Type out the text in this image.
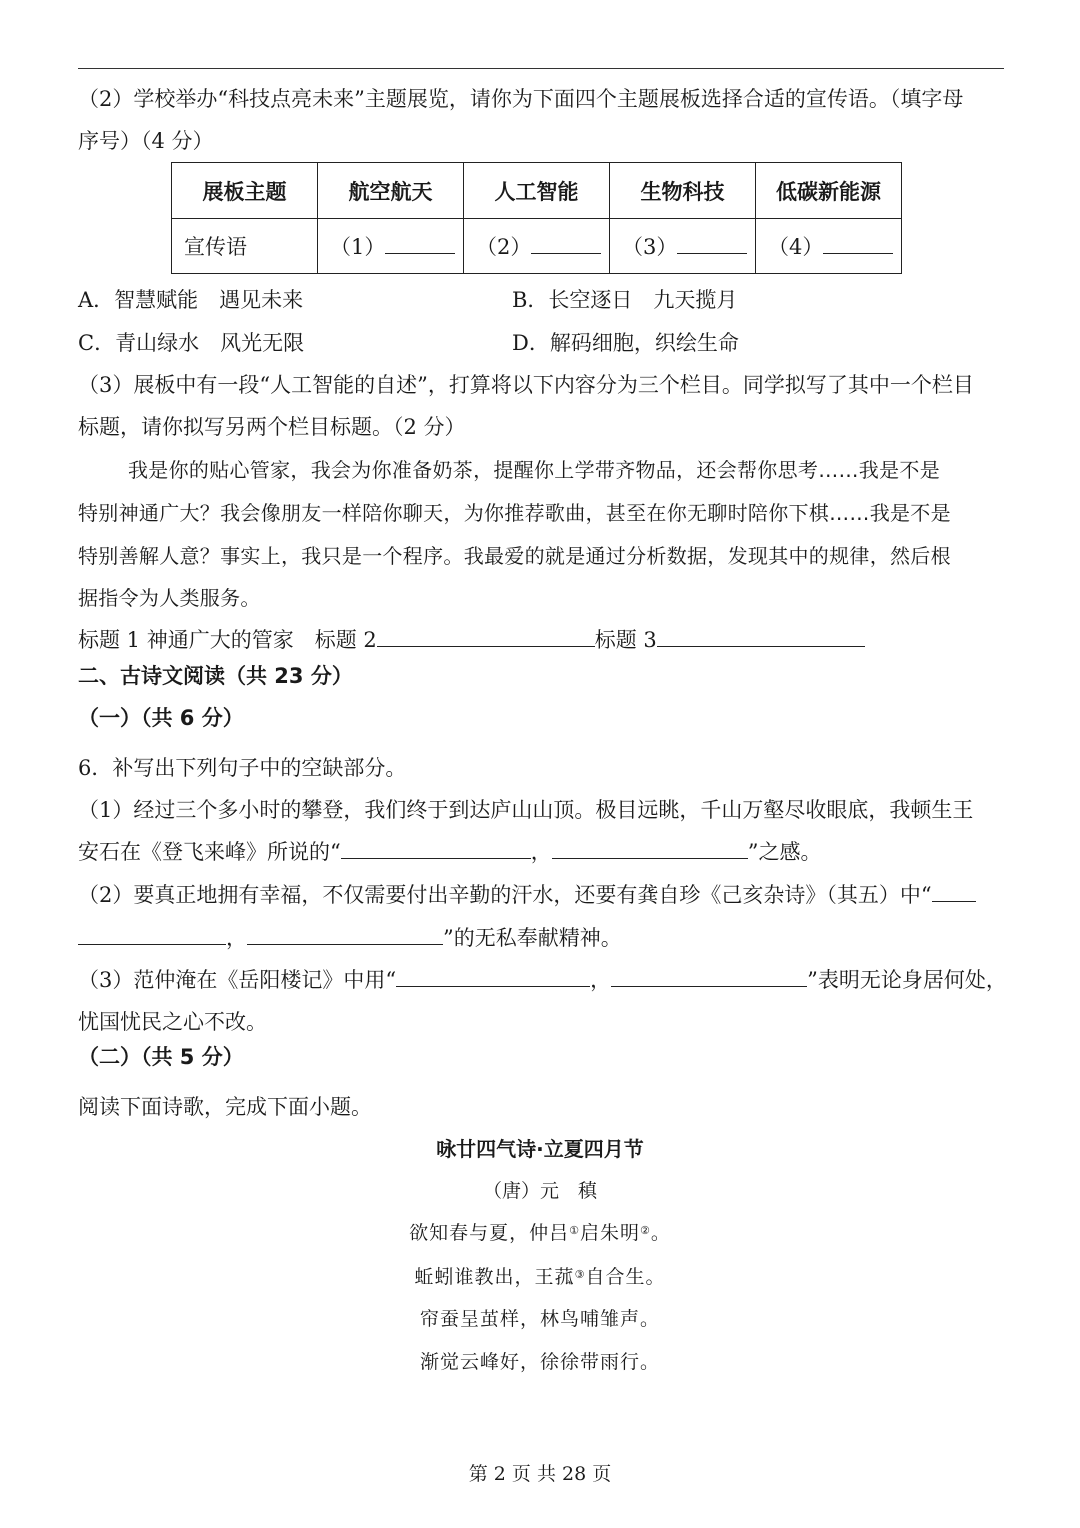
（2）学校举办“科技点亮未来”主题展览，请你为下面四个主题展板选择合适的宣传语。（填字母
序号）（4 分）
展板主题	航空航天	人工智能	生物科技	低碳新能源
宣传语	（1）	（2）	（3）	（4）
A．智慧赋能　遇见未来	B．长空逐日　九天揽月
C．青山绿水　风光无限	D．解码细胞，织绘生命
（3）展板中有一段“人工智能的自述”，打算将以下内容分为三个栏目。同学拟写了其中一个栏目
标题，请你拟写另两个栏目标题。（2 分）
我是你的贴心管家，我会为你准备奶茶，提醒你上学带齐物品，还会帮你思考……我是不是
特别神通广大？我会像朋友一样陪你聊天，为你推荐歌曲，甚至在你无聊时陪你下棋……我是不是
特别善解人意？事实上，我只是一个程序。我最爱的就是通过分析数据，发现其中的规律，然后根
据指令为人类服务。
标题 1 神通广大的管家　标题 2	标题 3
二、古诗文阅读（共 23 分）
（一）（共 6 分）
6．补写出下列句子中的空缺部分。
（1）经过三个多小时的攀登，我们终于到达庐山山顶。极目远眺，千山万壑尽收眼底，我顿生王
安石在《登飞来峰》所说的“	，	”之感。
（2）要真正地拥有幸福，不仅需要付出辛勤的汗水，还要有龚自珍《己亥杂诗》（其五）中“
，	”的无私奉献精神。
（3）范仲淹在《岳阳楼记》中用“	，	”表明无论身居何处，
忧国忧民之心不改。
（二）（共 5 分）
阅读下面诗歌，完成下面小题。
咏廿四气诗·立夏四月节
（唐）元　稹
欲知春与夏，仲吕①启朱明②。
蚯蚓谁教出，王菰③自合生。
帘蚕呈茧样，林鸟哺雏声。
渐觉云峰好，徐徐带雨行。
第 2 页 共 28 页
